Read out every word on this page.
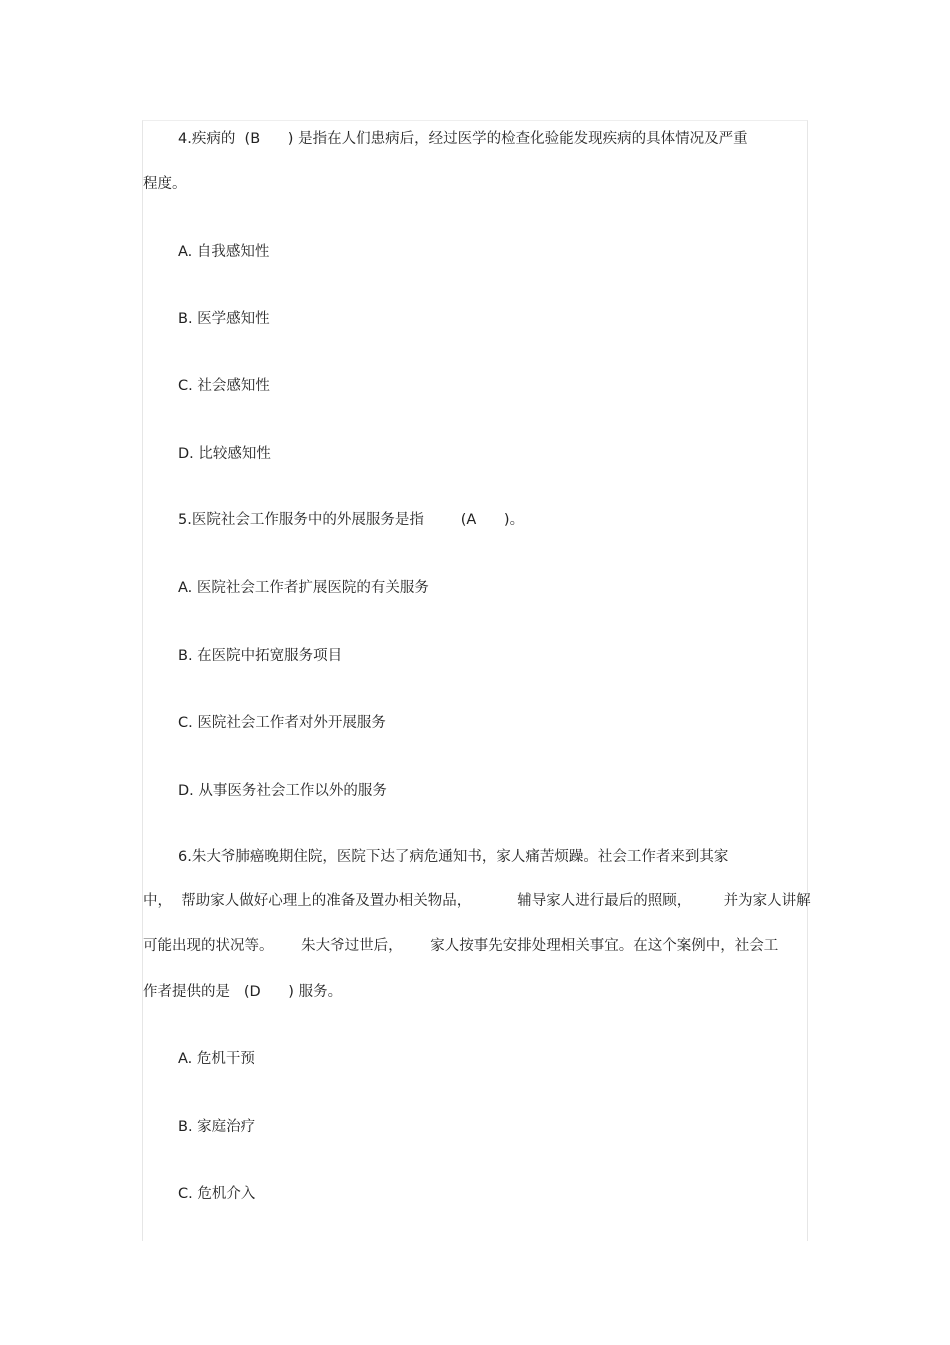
4.疾病的  (B      ) 是指在人们患病后，经过医学的检查化验能发现疾病的具体情况及严重
程度。
A. 自我感知性
B. 医学感知性
C. 社会感知性
D. 比较感知性
5.医院社会工作服务中的外展服务是指        (A      )。
A. 医院社会工作者扩展医院的有关服务
B. 在医院中拓宽服务项目
C. 医院社会工作者对外开展服务
D. 从事医务社会工作以外的服务
6.朱大爷肺癌晚期住院，医院下达了病危通知书，家人痛苦烦躁。社会工作者来到其家
中，  帮助家人做好心理上的准备及置办相关物品，          辅导家人进行最后的照顾，       并为家人讲解
可能出现的状况等。      朱大爷过世后，      家人按事先安排处理相关事宜。在这个案例中，社会工
作者提供的是   (D      ) 服务。
A. 危机干预
B. 家庭治疗
C. 危机介入
